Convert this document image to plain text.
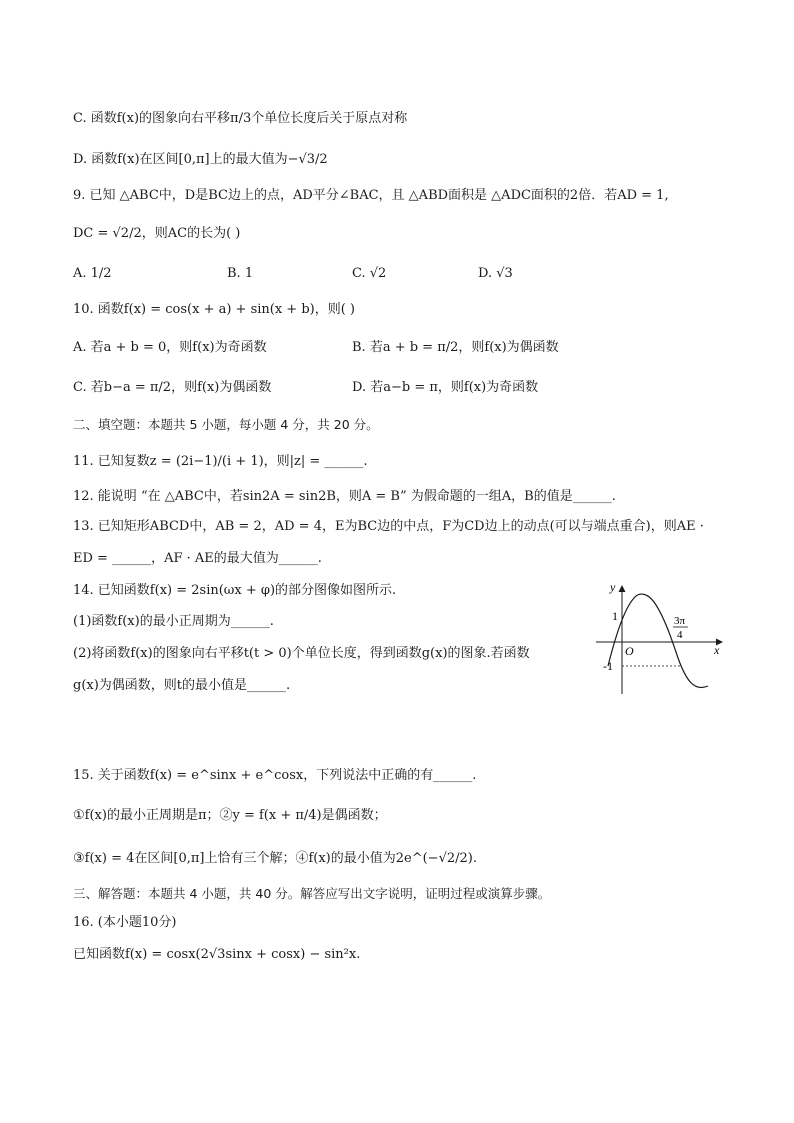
C. 函数f(x)的图象向右平移π/3个单位长度后关于原点对称
D. 函数f(x)在区间[0,π]上的最大值为−√3/2
9. 已知 △ABC中，D是BC边上的点，AD平分∠BAC，且 △ABD面积是 △ADC面积的2倍．若AD = 1,
DC = √2/2，则AC的长为( )
A. 1/2	B. 1	C. √2	D. √3
10. 函数f(x) = cos(x + a) + sin(x + b)，则( )
A. 若a + b = 0，则f(x)为奇函数	B. 若a + b = π/2，则f(x)为偶函数
C. 若b−a = π/2，则f(x)为偶函数	D. 若a−b = π，则f(x)为奇函数
二、填空题：本题共 5 小题，每小题 4 分，共 20 分。
11. 已知复数z = (2i−1)/(i + 1)，则|z| = ______.
12. 能说明 “在 △ABC中，若sin2A = sin2B，则A = B” 为假命题的一组A，B的值是______.
13. 已知矩形ABCD中，AB = 2，AD = 4，E为BC边的中点，F为CD边上的动点(可以与端点重合)，则AE ·
ED = ______，AF · AE的最大值为______.
14. 已知函数f(x) = 2sin(ωx + φ)的部分图像如图所示.
(1)函数f(x)的最小正周期为______.
(2)将函数f(x)的图象向右平移t(t > 0)个单位长度，得到函数g(x)的图象.若函数
g(x)为偶函数，则t的最小值是______.
y
x
O
1
-1
3π
4
15. 关于函数f(x) = e^sinx + e^cosx，下列说法中正确的有______.
①f(x)的最小正周期是π；②y = f(x + π/4)是偶函数；
③f(x) = 4在区间[0,π]上恰有三个解；④f(x)的最小值为2e^(−√2/2).
三、解答题：本题共 4 小题，共 40 分。解答应写出文字说明，证明过程或演算步骤。
16. (本小题10分)
已知函数f(x) = cosx(2√3sinx + cosx) − sin²x.
